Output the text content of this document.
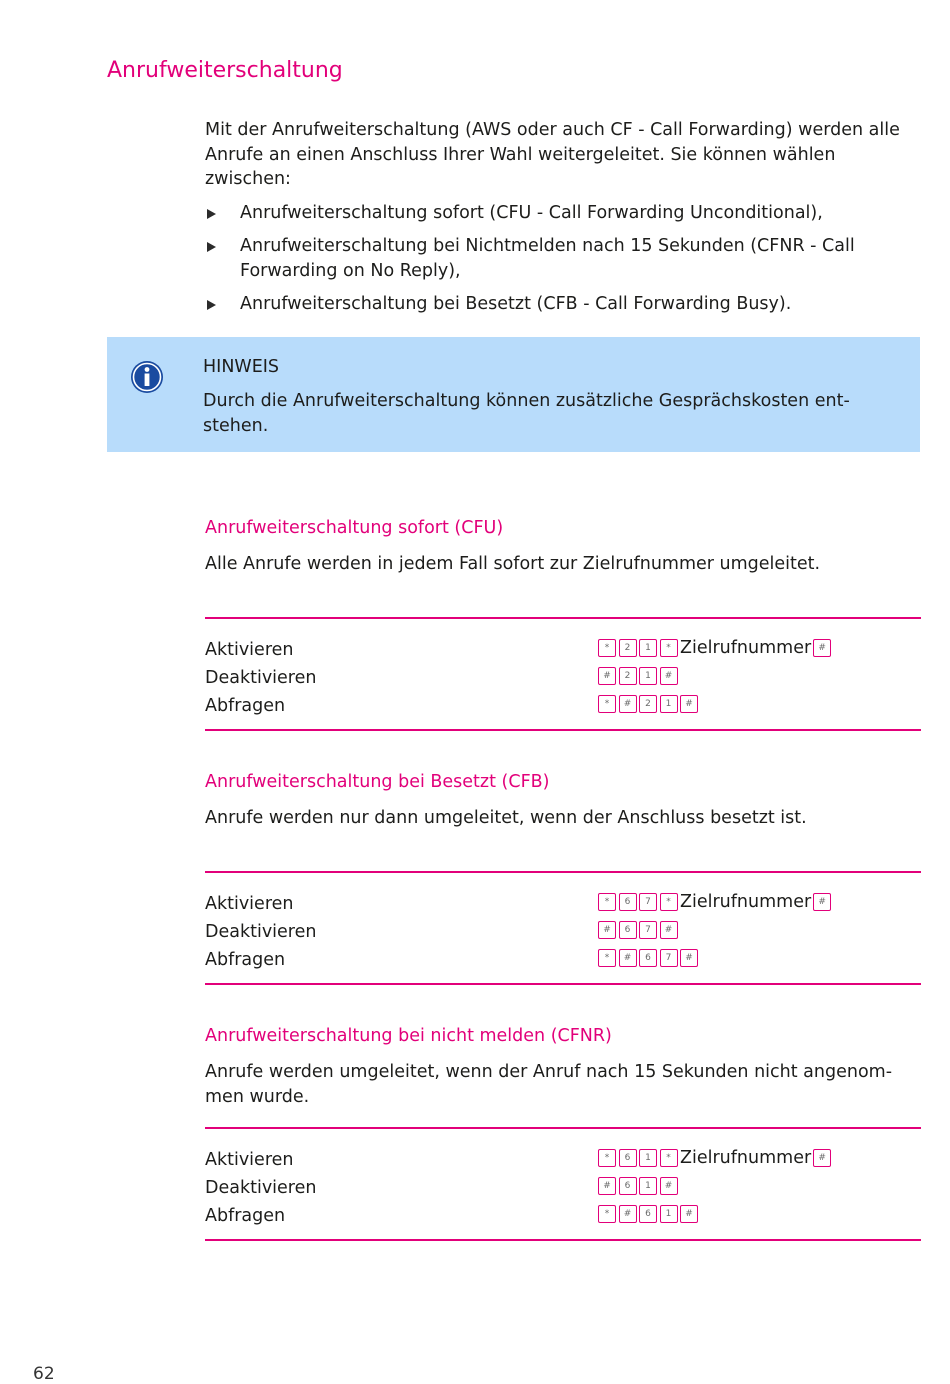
Anrufweiterschaltung

Mit der Anrufweiterschaltung (AWS oder auch CF - Call Forwarding) werden alle Anrufe an einen Anschluss Ihrer Wahl weitergeleitet. Sie können wählen zwischen:

Anrufweiterschaltung sofort (CFU - Call Forwarding Unconditional),
Anrufweiterschaltung bei Nichtmelden nach 15 Sekunden (CFNR - Call Forwarding on No Reply),
Anrufweiterschaltung bei Besetzt (CFB - Call Forwarding Busy).
HINWEIS

Durch die Anrufweiterschaltung können zusätzliche Gesprächskosten ent-stehen.

Anrufweiterschaltung sofort (CFU)

Alle Anrufe werden in jedem Fall sofort zur Zielrufnummer umgeleitet.

Aktivieren	*	2	1	* Zielrufnummer #
Deaktivieren	#	2	1	#
Abfragen	*	#	2	1	#
Anrufweiterschaltung bei Besetzt (CFB)

Anrufe werden nur dann umgeleitet, wenn der Anschluss besetzt ist.

Aktivieren	*	6	7	* Zielrufnummer #
Deaktivieren	#	6	7	#
Abfragen	*	#	6	7	#
Anrufweiterschaltung bei nicht melden (CFNR)

Anrufe werden umgeleitet, wenn der Anruf nach 15 Sekunden nicht angenom-men wurde.

Aktivieren	*	6	1	* Zielrufnummer #
Deaktivieren	#	6	1	#
Abfragen	*	#	6	1	#
62
